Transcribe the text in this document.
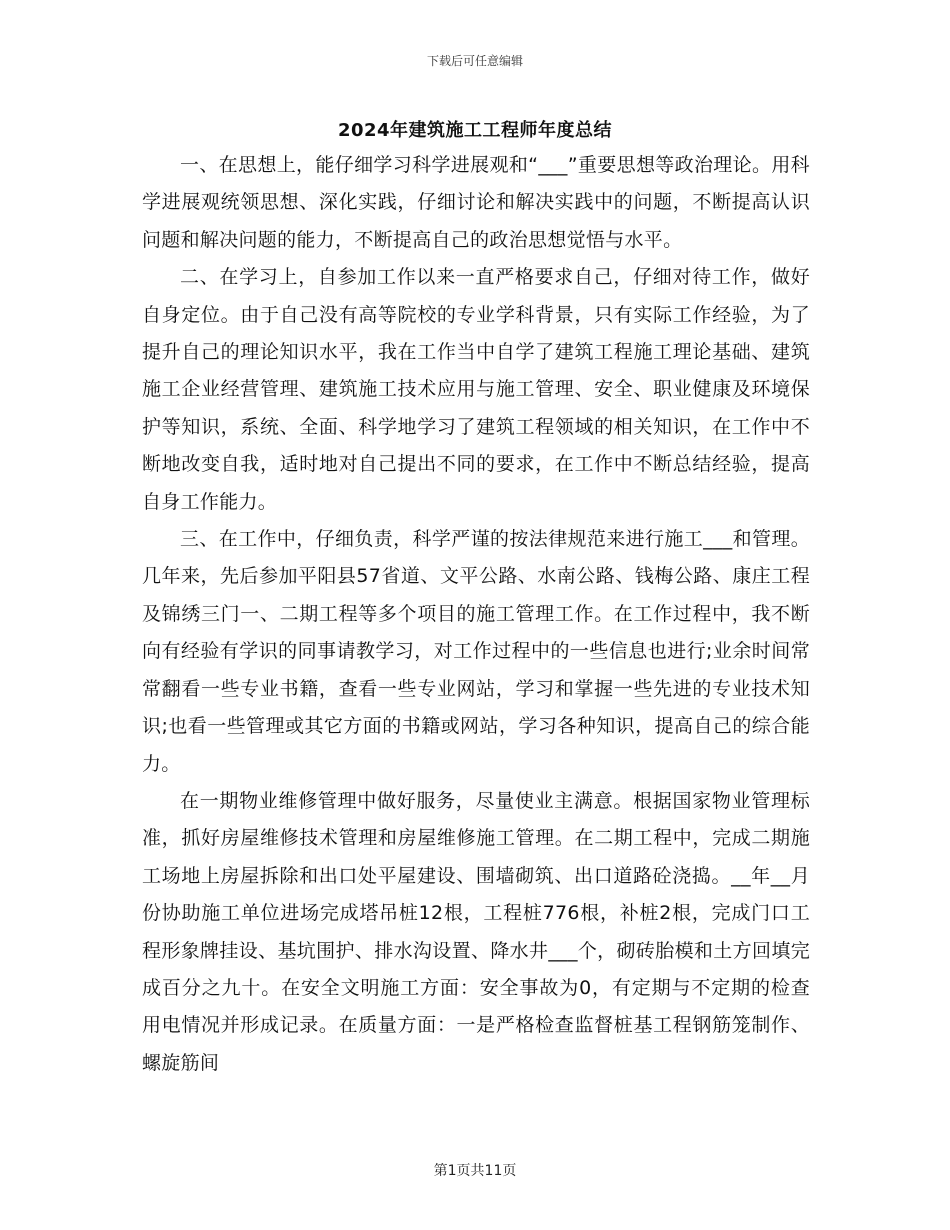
下载后可任意编辑
2024年建筑施工工程师年度总结

一、在思想上，能仔细学习科学进展观和“___”重要思想等政治理论。用科学进展观统领思想、深化实践，仔细讨论和解决实践中的问题，不断提高认识问题和解决问题的能力，不断提高自己的政治思想觉悟与水平。

二、在学习上，自参加工作以来一直严格要求自己，仔细对待工作，做好自身定位。由于自己没有高等院校的专业学科背景，只有实际工作经验，为了提升自己的理论知识水平，我在工作当中自学了建筑工程施工理论基础、建筑施工企业经营管理、建筑施工技术应用与施工管理、安全、职业健康及环境保护等知识，系统、全面、科学地学习了建筑工程领域的相关知识，在工作中不断地改变自我，适时地对自己提出不同的要求，在工作中不断总结经验，提高自身工作能力。

三、在工作中，仔细负责，科学严谨的按法律规范来进行施工___和管理。几年来，先后参加平阳县57省道、文平公路、水南公路、钱梅公路、康庄工程及锦绣三门一、二期工程等多个项目的施工管理工作。在工作过程中，我不断向有经验有学识的同事请教学习，对工作过程中的一些信息也进行;业余时间常常翻看一些专业书籍，查看一些专业网站，学习和掌握一些先进的专业技术知识;也看一些管理或其它方面的书籍或网站，学习各种知识，提高自己的综合能力。

在一期物业维修管理中做好服务，尽量使业主满意。根据国家物业管理标准，抓好房屋维修技术管理和房屋维修施工管理。在二期工程中，完成二期施工场地上房屋拆除和出口处平屋建设、围墙砌筑、出口道路砼浇捣。__年__月份协助施工单位进场完成塔吊桩12根，工程桩776根，补桩2根，完成门口工程形象牌挂设、基坑围护、排水沟设置、降水井___个，砌砖胎模和土方回填完成百分之九十。在安全文明施工方面：安全事故为0，有定期与不定期的检查用电情况并形成记录。在质量方面：一是严格检查监督桩基工程钢筋笼制作、螺旋筋间

第1页共11页
